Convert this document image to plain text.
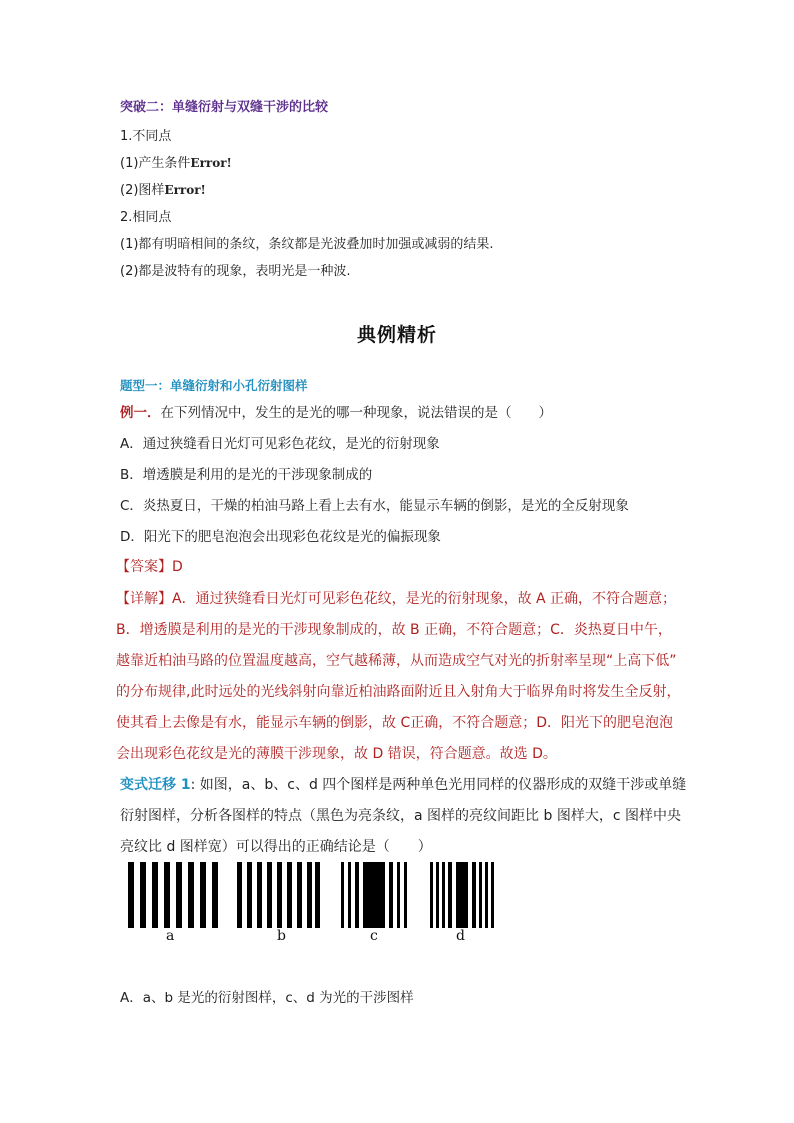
突破二：单缝衍射与双缝干涉的比较
1.不同点
(1)产生条件Error!
(2)图样Error!
2.相同点
(1)都有明暗相间的条纹，条纹都是光波叠加时加强或减弱的结果.
(2)都是波特有的现象，表明光是一种波.
典例精析
题型一：单缝衍射和小孔衍射图样
例一．在下列情况中，发生的是光的哪一种现象，说法错误的是（　　）
A．通过狭缝看日光灯可见彩色花纹，是光的衍射现象
B．增透膜是利用的是光的干涉现象制成的
C．炎热夏日，干燥的柏油马路上看上去有水，能显示车辆的倒影，是光的全反射现象
D．阳光下的肥皂泡泡会出现彩色花纹是光的偏振现象
【答案】D
【详解】A．通过狭缝看日光灯可见彩色花纹，是光的衍射现象，故 A 正确，不符合题意；
B．增透膜是利用的是光的干涉现象制成的，故 B 正确，不符合题意；C．炎热夏日中午，
越靠近柏油马路的位置温度越高，空气越稀薄，从而造成空气对光的折射率呈现“上高下低”
的分布规律,此时远处的光线斜射向靠近柏油路面附近且入射角大于临界角时将发生全反射，
使其看上去像是有水，能显示车辆的倒影，故 C正确，不符合题意；D．阳光下的肥皂泡泡
会出现彩色花纹是光的薄膜干涉现象，故 D 错误，符合题意。故选 D。
变式迁移 1: 如图，a、b、c、d 四个图样是两种单色光用同样的仪器形成的双缝干涉或单缝
衍射图样，分析各图样的特点（黑色为亮条纹，a 图样的亮纹间距比 b 图样大，c 图样中央
亮纹比 d 图样宽）可以得出的正确结论是（　　）
a	b	c	d
A．a、b 是光的衍射图样，c、d 为光的干涉图样
